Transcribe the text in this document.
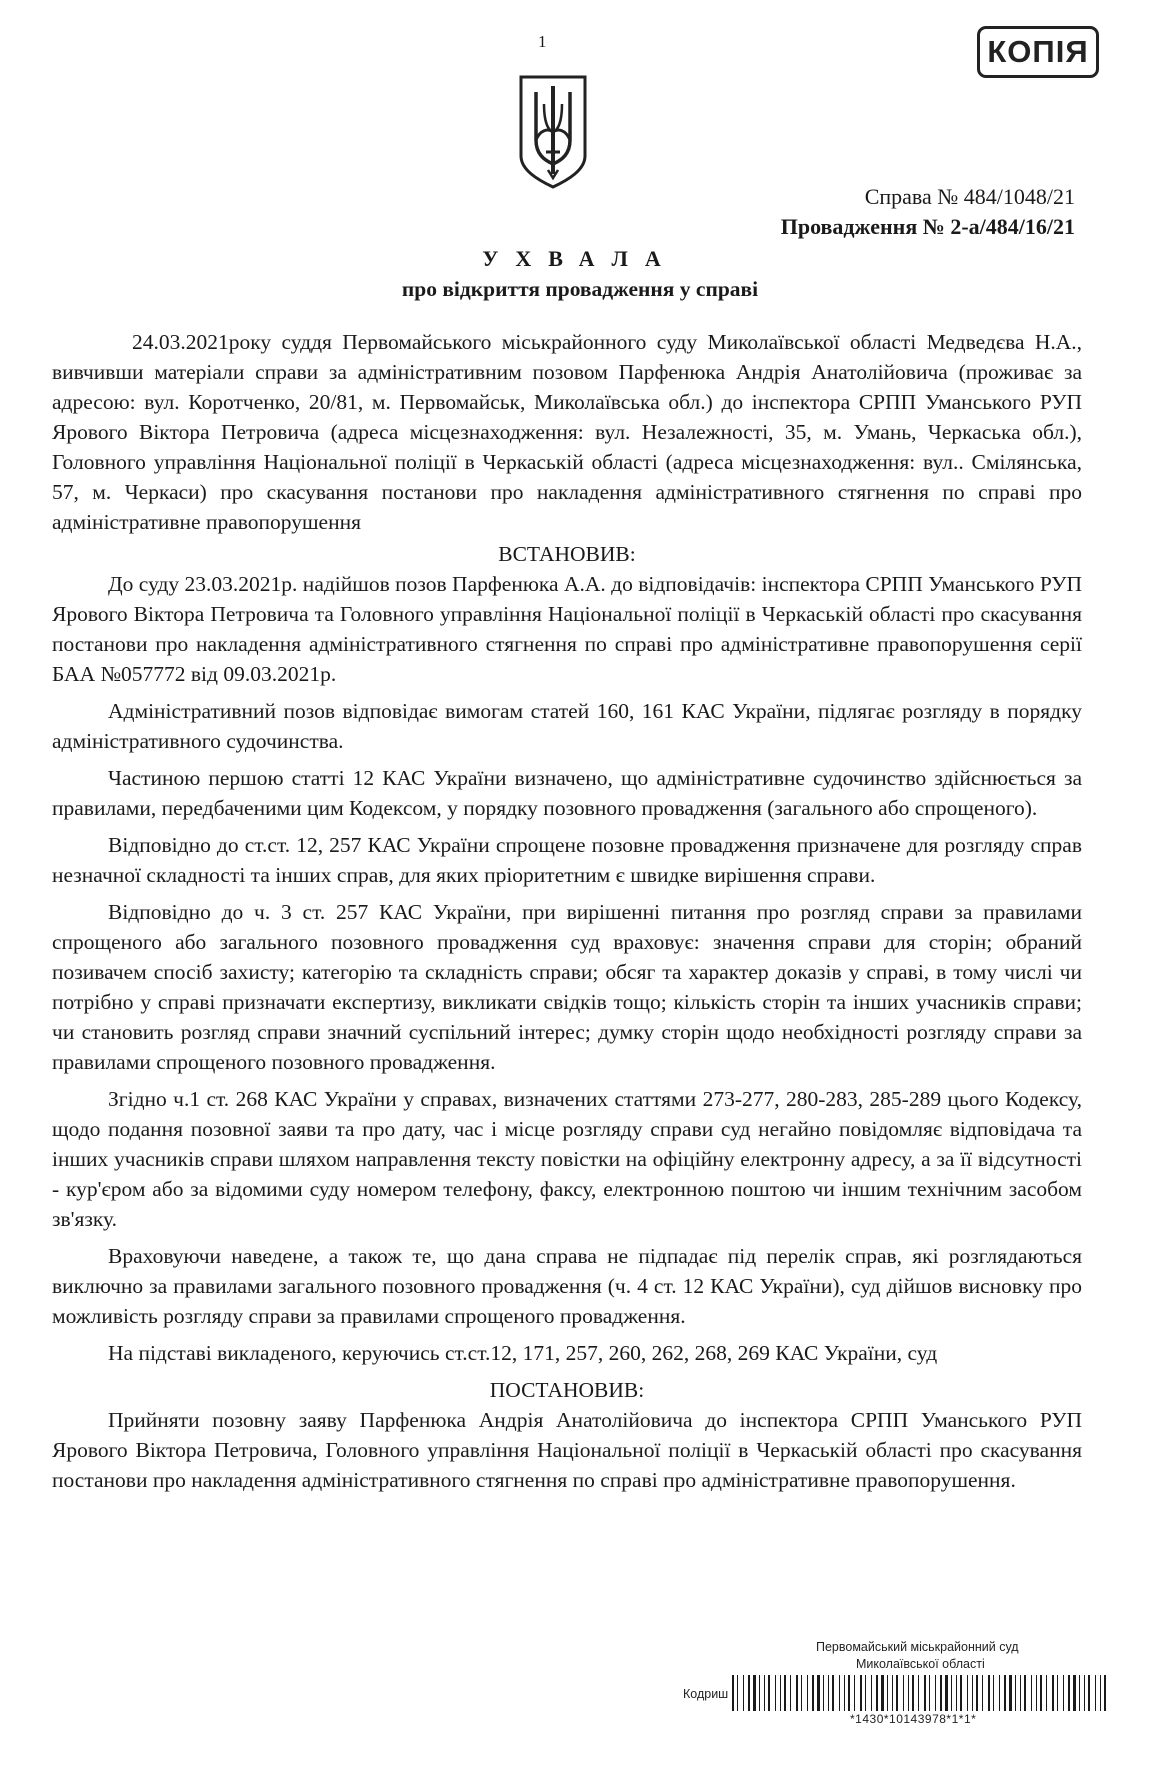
1	КОПІЯ
Справа № 484/1048/21
Провадження № 2-а/484/16/21
УХВАЛА
про відкриття провадження у справі

24.03.2021року суддя Первомайського міськрайонного суду Миколаївської області Медведєва Н.А., вивчивши матеріали справи за адміністративним позовом Парфенюка Андрія Анатолійовича (проживає за адресою: вул. Коротченко, 20/81, м. Первомайськ, Миколаївська обл.) до інспектора СРПП Уманського РУП Ярового Віктора Петровича (адреса місцезнаходження: вул. Незалежності, 35, м. Умань, Черкаська обл.), Головного управління Національної поліції в Черкаській області (адреса місцезнаходження: вул.. Смілянська, 57, м. Черкаси) про скасування постанови про накладення адміністративного стягнення по справі про адміністративне правопорушення

ВСТАНОВИВ:

До суду 23.03.2021р. надійшов позов Парфенюка А.А. до відповідачів: інспектора СРПП Уманського РУП Ярового Віктора Петровича та Головного управління Національної поліції в Черкаській області про скасування постанови про накладення адміністративного стягнення по справі про адміністративне правопорушення серії БАА №057772 від 09.03.2021р.

Адміністративний позов відповідає вимогам статей 160, 161 КАС України, підлягає розгляду в порядку адміністративного судочинства.

Частиною першою статті 12 КАС України визначено, що адміністративне судочинство здійснюється за правилами, передбаченими цим Кодексом, у порядку позовного провадження (загального або спрощеного).

Відповідно до ст.ст. 12, 257 КАС України спрощене позовне провадження призначене для розгляду справ незначної складності та інших справ, для яких пріоритетним є швидке вирішення справи.

Відповідно до ч. 3 ст. 257 КАС України, при вирішенні питання про розгляд справи за правилами спрощеного або загального позовного провадження суд враховує: значення справи для сторін; обраний позивачем спосіб захисту; категорію та складність справи; обсяг та характер доказів у справі, в тому числі чи потрібно у справі призначати експертизу, викликати свідків тощо; кількість сторін та інших учасників справи; чи становить розгляд справи значний суспільний інтерес; думку сторін щодо необхідності розгляду справи за правилами спрощеного позовного провадження.

Згідно ч.1 ст. 268 КАС України у справах, визначених статтями 273-277, 280-283, 285-289 цього Кодексу, щодо подання позовної заяви та про дату, час і місце розгляду справи суд негайно повідомляє відповідача та інших учасників справи шляхом направлення тексту повістки на офіційну електронну адресу, а за її відсутності - кур'єром або за відомими суду номером телефону, факсу, електронною поштою чи іншим технічним засобом зв'язку.

Враховуючи наведене, а також те, що дана справа не підпадає під перелік справ, які розглядаються виключно за правилами загального позовного провадження (ч. 4 ст. 12 КАС України), суд дійшов висновку про можливість розгляду справи за правилами спрощеного провадження.

На підставі викладеного, керуючись ст.ст.12, 171, 257, 260, 262, 268, 269 КАС України, суд

ПОСТАНОВИВ:

Прийняти позовну заяву Парфенюка Андрія Анатолійовича до інспектора СРПП Уманського РУП Ярового Віктора Петровича, Головного управління Національної поліції в Черкаській області про скасування постанови про накладення адміністративного стягнення по справі про адміністративне правопорушення.

Первомайський міськрайонний суд
Миколаївської області
Кодриш
*1430*10143978*1*1*
